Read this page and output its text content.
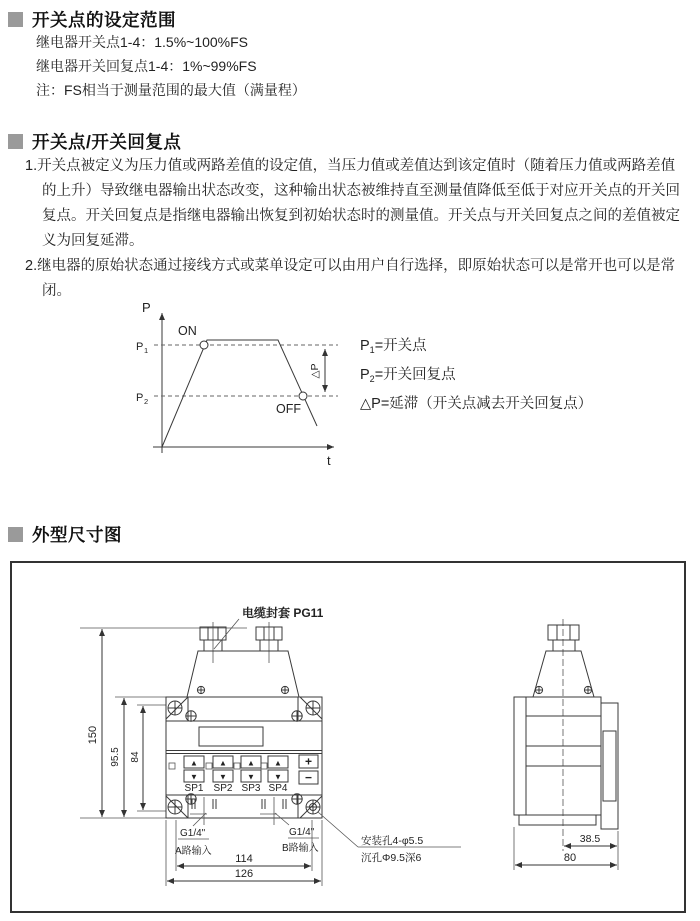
开关点的设定范围
继电器开关点1-4：1.5%~100%FS
继电器开关回复点1-4：1%~99%FS
注：FS相当于测量范围的最大值（满量程）
开关点/开关回复点
1.开关点被定义为压力值或两路差值的设定值，当压力值或差值达到该定值时（随着压力值或两路差值的上升）导致继电器输出状态改变，这种输出状态被维持直至测量值降低至低于对应开关点的开关回复点。开关回复点是指继电器输出恢复到初始状态时的测量值。开关点与开关回复点之间的差值被定义为回复延滞。
2.继电器的原始状态通过接线方式或菜单设定可以由用户自行选择，即原始状态可以是常开也可以是常闭。
P
t
P 1
P 2
ON
OFF
△P
$P_1=$开关点
$P_2=$开关回复点
△P=延滞（开关点减去开关回复点）
外型尺寸图
150
95.5 84
电缆封套 PG11
▲
▼
SP1
▲
▼
SP2
▲
▼
SP3
▲
▼
SP4
+
−
G1/4"
A路输入
G1/4"
B路输入
安装孔4-φ5.5
沉孔Φ9.5深6
114
126
38.5
80
